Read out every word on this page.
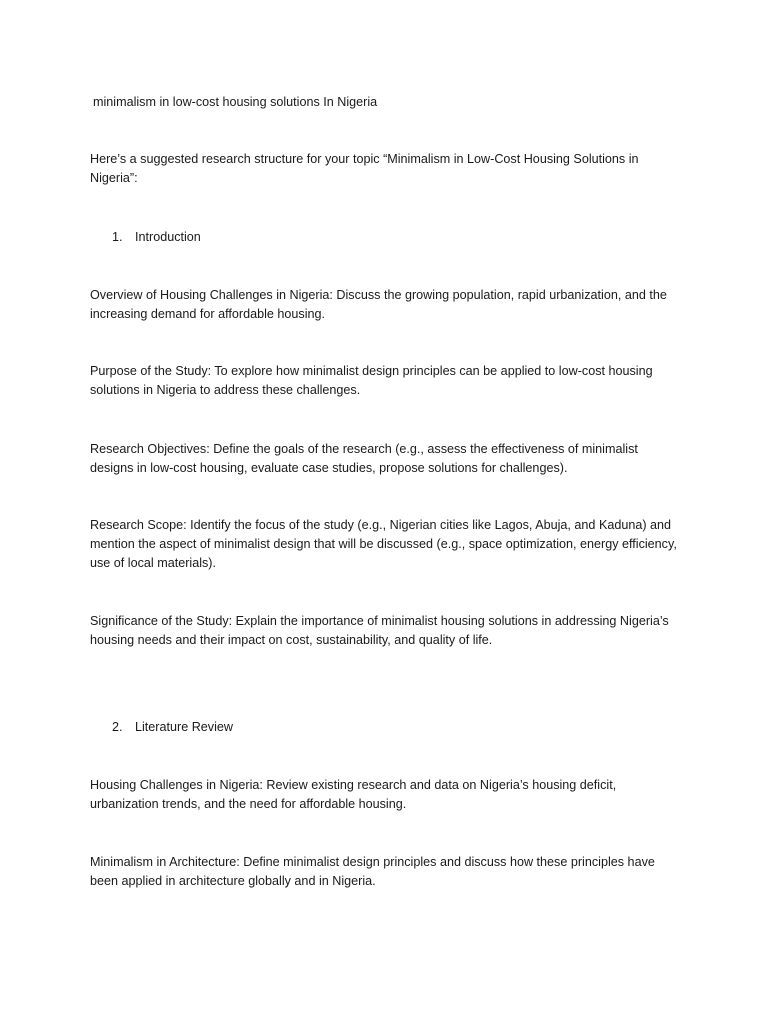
minimalism in low-cost housing solutions In Nigeria

Here’s a suggested research structure for your topic “Minimalism in Low-Cost Housing Solutions in Nigeria”:

1. Introduction

Overview of Housing Challenges in Nigeria: Discuss the growing population, rapid urbanization, and the increasing demand for affordable housing.

Purpose of the Study: To explore how minimalist design principles can be applied to low-cost housing solutions in Nigeria to address these challenges.

Research Objectives: Define the goals of the research (e.g., assess the effectiveness of minimalist designs in low-cost housing, evaluate case studies, propose solutions for challenges).

Research Scope: Identify the focus of the study (e.g., Nigerian cities like Lagos, Abuja, and Kaduna) and mention the aspect of minimalist design that will be discussed (e.g., space optimization, energy efficiency, use of local materials).

Significance of the Study: Explain the importance of minimalist housing solutions in addressing Nigeria’s housing needs and their impact on cost, sustainability, and quality of life.

2. Literature Review

Housing Challenges in Nigeria: Review existing research and data on Nigeria’s housing deficit, urbanization trends, and the need for affordable housing.

Minimalism in Architecture: Define minimalist design principles and discuss how these principles have been applied in architecture globally and in Nigeria.
